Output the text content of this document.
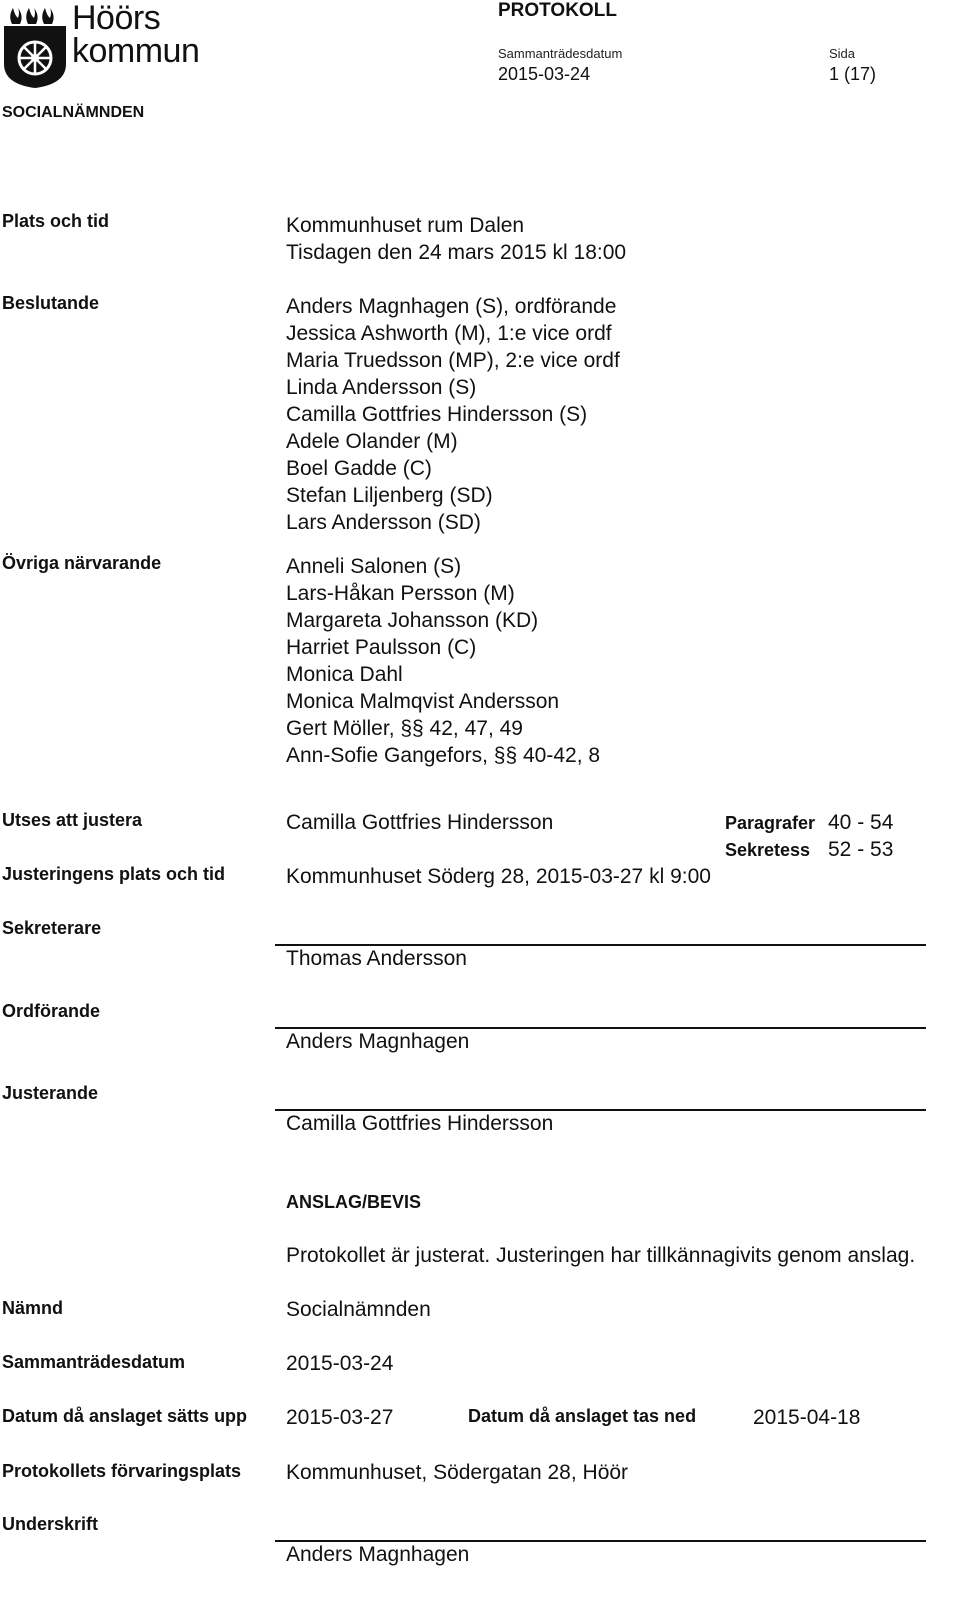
Höörs
kommun
PROTOKOLL
Sammanträdesdatum
2015-03-24
Sida
1 (17)
SOCIALNÄMNDEN
Plats och tid	Kommunhuset rum Dalen
Tisdagen den 24 mars 2015 kl 18:00
Beslutande	Anders Magnhagen (S), ordförande
Jessica Ashworth (M), 1:e vice ordf
Maria Truedsson (MP), 2:e vice ordf
Linda Andersson (S)
Camilla Gottfries Hindersson (S)
Adele Olander (M)
Boel Gadde (C)
Stefan Liljenberg (SD)
Lars Andersson (SD)
Övriga närvarande	Anneli Salonen (S)
Lars-Håkan Persson (M)
Margareta Johansson (KD)
Harriet Paulsson (C)
Monica Dahl
Monica Malmqvist Andersson
Gert Möller, §§ 42, 47, 49
Ann-Sofie Gangefors, §§ 40-42, 8
Utses att justera	Camilla Gottfries Hindersson	Paragrafer 40 - 54
Sekretess 52 - 53
Justeringens plats och tid	Kommunhuset Söderg 28, 2015-03-27 kl 9:00
Sekreterare
Thomas Andersson
Ordförande
Anders Magnhagen
Justerande
Camilla Gottfries Hindersson
ANSLAG/BEVIS
Protokollet är justerat. Justeringen har tillkännagivits genom anslag.
Nämnd	Socialnämnden
Sammanträdesdatum	2015-03-24
Datum då anslaget sätts upp 2015-03-27	Datum då anslaget tas ned	2015-04-18
Protokollets förvaringsplats Kommunhuset, Södergatan 28, Höör
Underskrift
Anders Magnhagen
